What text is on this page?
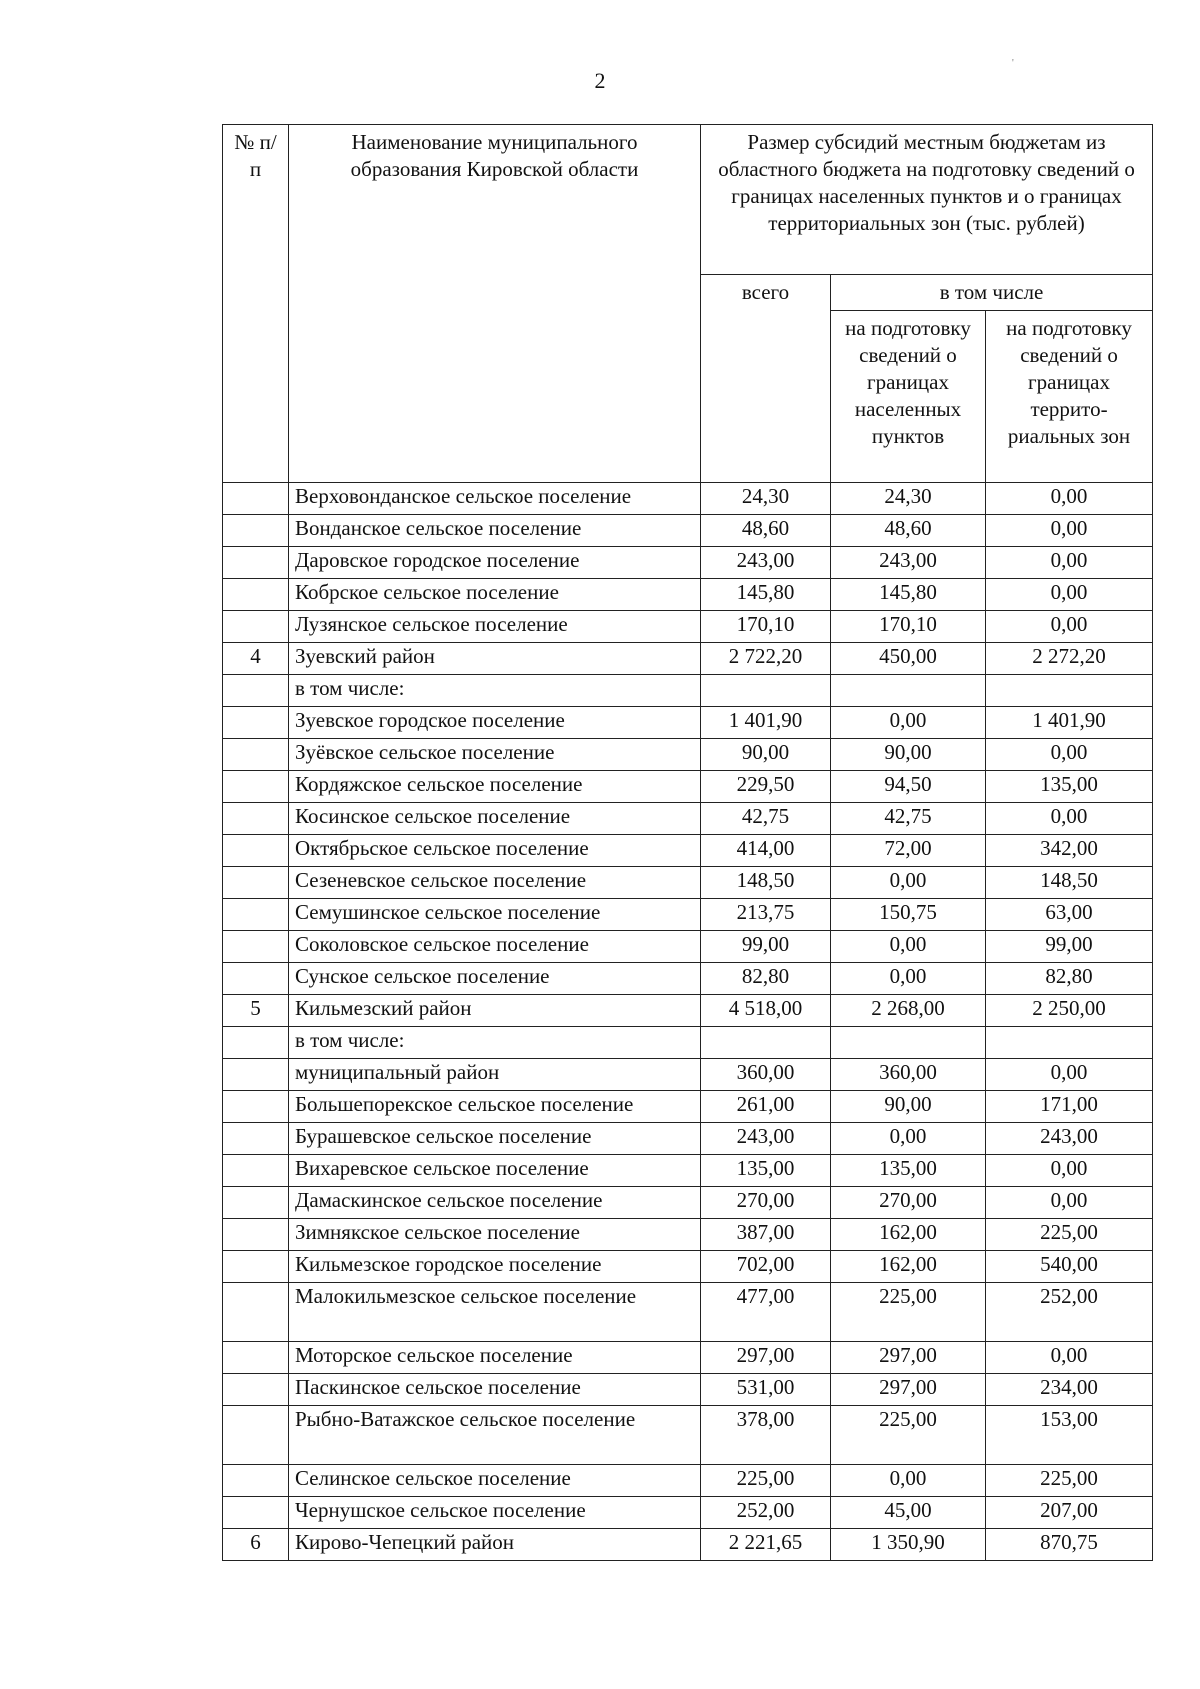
2
№ п/п	Наименование муниципального образования Кировской области	Размер субсидий местным бюджетам из областного бюджета на подготовку сведений о границах населенных пунктов и о границах территориальных зон (тыс. рублей)		
		всего	в том числе	
			на подготовку сведений о границах населенных пунктов	на подготовку сведений о границах террито-риальных зон
	Верховонданское сельское поселение	24,30	24,30	0,00
	Вонданское сельское поселение	48,60	48,60	0,00
	Даровское городское поселение	243,00	243,00	0,00
	Кобрское сельское поселение	145,80	145,80	0,00
	Лузянское сельское поселение	170,10	170,10	0,00
4	Зуевский район	2 722,20	450,00	2 272,20
	в том числе:			
	Зуевское городское поселение	1 401,90	0,00	1 401,90
	Зуёвское сельское поселение	90,00	90,00	0,00
	Кордяжское сельское поселение	229,50	94,50	135,00
	Косинское сельское поселение	42,75	42,75	0,00
	Октябрьское сельское поселение	414,00	72,00	342,00
	Сезеневское сельское поселение	148,50	0,00	148,50
	Семушинское сельское поселение	213,75	150,75	63,00
	Соколовское сельское поселение	99,00	0,00	99,00
	Сунское сельское поселение	82,80	0,00	82,80
5	Кильмезский район	4 518,00	2 268,00	2 250,00
	в том числе:			
	муниципальный район	360,00	360,00	0,00
	Большепорекское сельское поселение	261,00	90,00	171,00
	Бурашевское сельское поселение	243,00	0,00	243,00
	Вихаревское сельское поселение	135,00	135,00	0,00
	Дамаскинское сельское поселение	270,00	270,00	0,00
	Зимнякское сельское поселение	387,00	162,00	225,00
	Кильмезское городское поселение	702,00	162,00	540,00
	Малокильмезское сельское поселение	477,00	225,00	252,00
	Моторское сельское поселение	297,00	297,00	0,00
	Паскинское сельское поселение	531,00	297,00	234,00
	Рыбно-Ватажское сельское поселение	378,00	225,00	153,00
	Селинское сельское поселение	225,00	0,00	225,00
	Чернушское сельское поселение	252,00	45,00	207,00
6	Кирово-Чепецкий район	2 221,65	1 350,90	870,75
'
